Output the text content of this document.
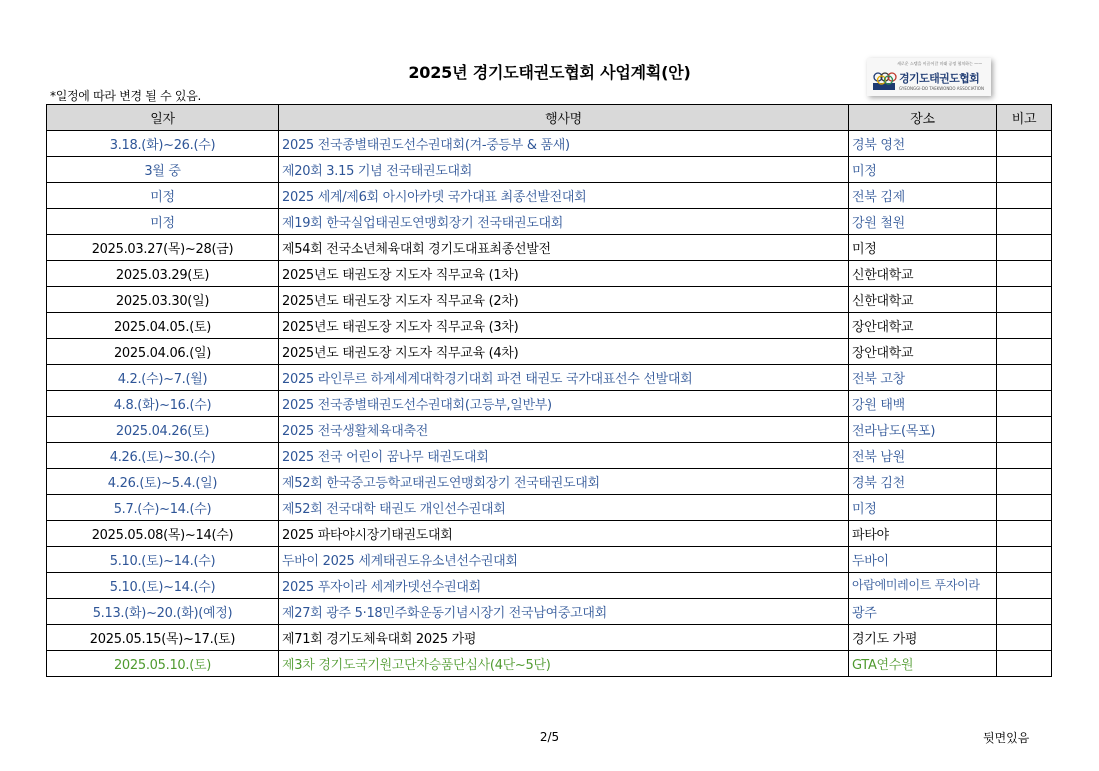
2025년 경기도태권도협회 사업계획(안)
*일정에 따라 변경 될 수 있음.
새로운 스텝을 이끌어갈 미래 공정 협치하는 ——
경기도태권도협회
GYEONGGI-DO TAEKWONDO ASSOCIATION
일자	행사명	장소	비고
3.18.(화)~26.(수)	2025 전국종별태권도선수권대회(겨-중등부 & 품새)	경북 영천	
3월 중	제20회 3.15 기념 전국태권도대회	미정	
미정	2025 세계/제6회 아시아카뎃 국가대표 최종선발전대회	전북 김제	
미정	제19회 한국실업태권도연맹회장기 전국태권도대회	강원 철원	
2025.03.27(목)~28(금)	제54회 전국소년체육대회 경기도대표최종선발전	미정	
2025.03.29(토)	2025년도 태권도장 지도자 직무교육 (1차)	신한대학교	
2025.03.30(일)	2025년도 태권도장 지도자 직무교육 (2차)	신한대학교	
2025.04.05.(토)	2025년도 태권도장 지도자 직무교육 (3차)	장안대학교	
2025.04.06.(일)	2025년도 태권도장 지도자 직무교육 (4차)	장안대학교	
4.2.(수)~7.(월)	2025 라인루르 하계세계대학경기대회 파견 태권도 국가대표선수 선발대회	전북 고창	
4.8.(화)~16.(수)	2025 전국종별태권도선수권대회(고등부,일반부)	강원 태백	
2025.04.26(토)	2025 전국생활체육대축전	전라남도(목포)	
4.26.(토)~30.(수)	2025 전국 어린이 꿈나무 태권도대회	전북 남원	
4.26.(토)~5.4.(일)	제52회 한국중고등학교태권도연맹회장기 전국태권도대회	경북 김천	
5.7.(수)~14.(수)	제52회 전국대학 태권도 개인선수권대회	미정	
2025.05.08(목)~14(수)	2025 파타야시장기태권도대회	파타야	
5.10.(토)~14.(수)	두바이 2025 세계태권도유소년선수권대회	두바이	
5.10.(토)~14.(수)	2025 푸자이라 세계카뎃선수권대회	아랍에미레이트 푸자이라	

5.13.(화)~20.(화)(예정)	제27회 광주 5·18민주화운동기념시장기 전국남여중고대회	광주	
2025.05.15(목)~17.(토)	제71회 경기도체육대회 2025 가평	경기도 가평	
2025.05.10.(토)	제3차 경기도국기원고단자승품단심사(4단~5단)	GTA연수원	
2/5	뒷면있음
